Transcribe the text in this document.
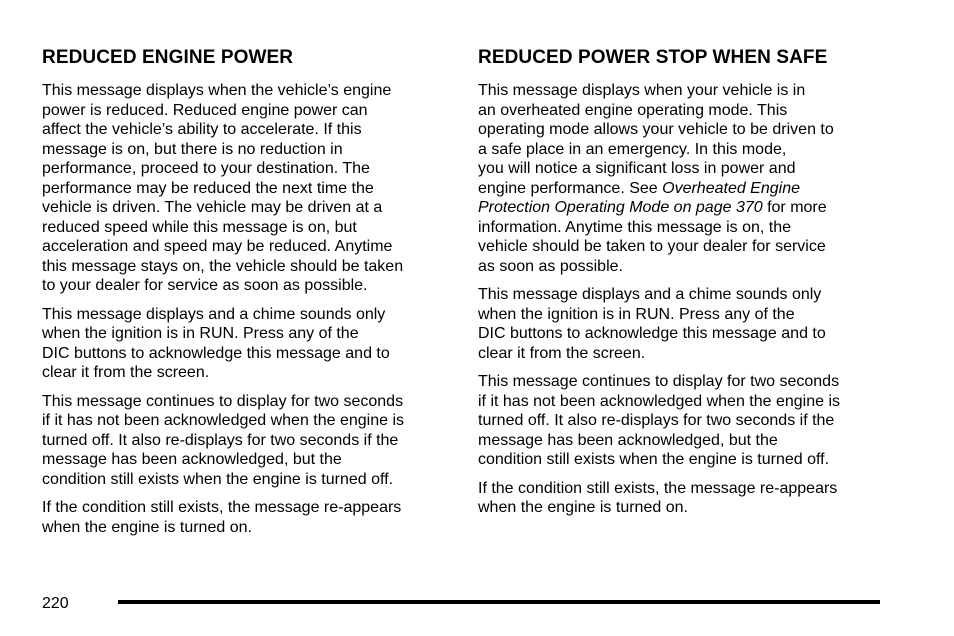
REDUCED ENGINE POWER

This message displays when the vehicle’s engine
power is reduced. Reduced engine power can
affect the vehicle’s ability to accelerate. If this
message is on, but there is no reduction in
performance, proceed to your destination. The
performance may be reduced the next time the
vehicle is driven. The vehicle may be driven at a
reduced speed while this message is on, but
acceleration and speed may be reduced. Anytime
this message stays on, the vehicle should be taken
to your dealer for service as soon as possible.

This message displays and a chime sounds only
when the ignition is in RUN. Press any of the
DIC buttons to acknowledge this message and to
clear it from the screen.

This message continues to display for two seconds
if it has not been acknowledged when the engine is
turned off. It also re-displays for two seconds if the
message has been acknowledged, but the
condition still exists when the engine is turned off.

If the condition still exists, the message re-appears
when the engine is turned on.

REDUCED POWER STOP WHEN SAFE

This message displays when your vehicle is in
an overheated engine operating mode. This
operating mode allows your vehicle to be driven to
a safe place in an emergency. In this mode,
you will notice a significant loss in power and
engine performance. See Overheated Engine
Protection Operating Mode on page 370 for more
information. Anytime this message is on, the
vehicle should be taken to your dealer for service
as soon as possible.

This message displays and a chime sounds only
when the ignition is in RUN. Press any of the
DIC buttons to acknowledge this message and to
clear it from the screen.

This message continues to display for two seconds
if it has not been acknowledged when the engine is
turned off. It also re-displays for two seconds if the
message has been acknowledged, but the
condition still exists when the engine is turned off.

If the condition still exists, the message re-appears
when the engine is turned on.

220
